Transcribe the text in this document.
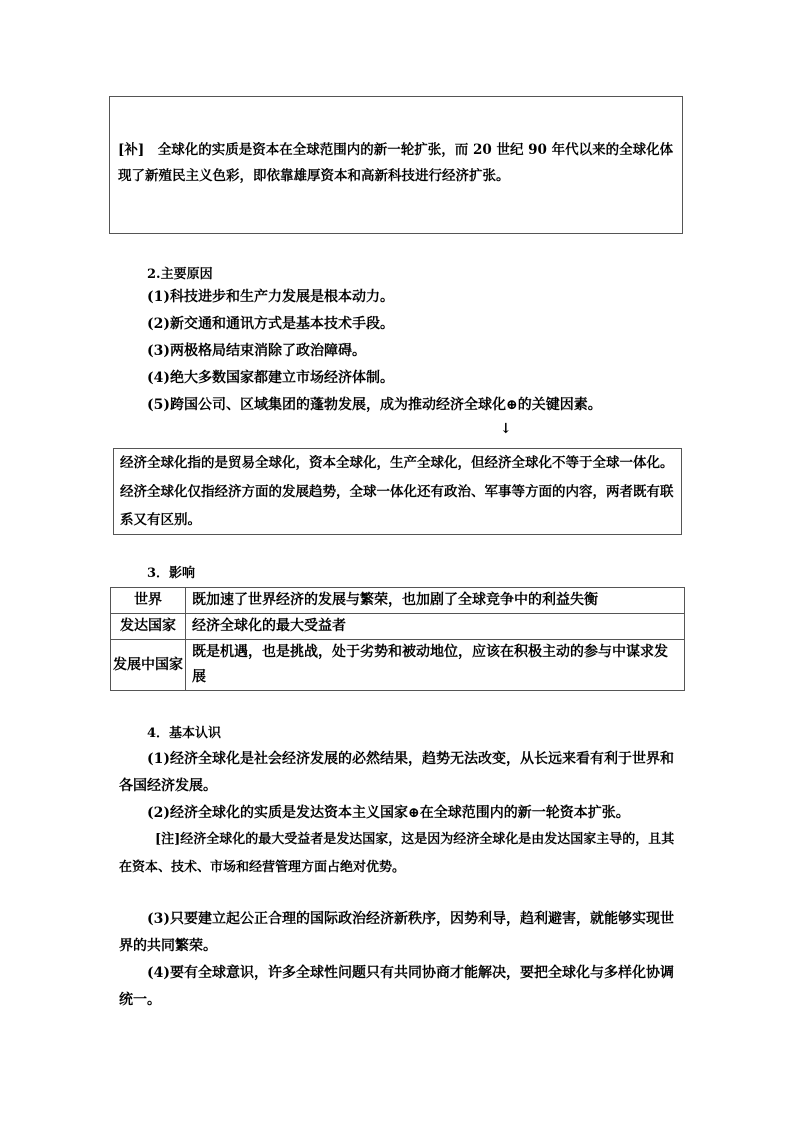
[补]　全球化的实质是资本在全球范围内的新一轮扩张，而 20 世纪 90 年代以来的全球化体现了新殖民主义色彩，即依靠雄厚资本和高新科技进行经济扩张。
2.主要原因
(1)科技进步和生产力发展是根本动力。
(2)新交通和通讯方式是基本技术手段。
(3)两极格局结束消除了政治障碍。
(4)绝大多数国家都建立市场经济体制。
(5)跨国公司、区域集团的蓬勃发展，成为推动经济全球化⊕的关键因素。
↓
经济全球化指的是贸易全球化，资本全球化，生产全球化，但经济全球化不等于全球一体化。经济全球化仅指经济方面的发展趋势，全球一体化还有政治、军事等方面的内容，两者既有联系又有区别。
3．影响
世界	既加速了世界经济的发展与繁荣，也加剧了全球竞争中的利益失衡
发达国家	经济全球化的最大受益者
发展中国家	既是机遇，也是挑战，处于劣势和被动地位，应该在积极主动的参与中谋求发展
4．基本认识
(1)经济全球化是社会经济发展的必然结果，趋势无法改变，从长远来看有利于世界和各国经济发展。
(2)经济全球化的实质是发达资本主义国家⊕在全球范围内的新一轮资本扩张。
[注]经济全球化的最大受益者是发达国家，这是因为经济全球化是由发达国家主导的，且其在资本、技术、市场和经营管理方面占绝对优势。
(3)只要建立起公正合理的国际政治经济新秩序，因势利导，趋利避害，就能够实现世界的共同繁荣。
(4)要有全球意识，许多全球性问题只有共同协商才能解决，要把全球化与多样化协调统一。
